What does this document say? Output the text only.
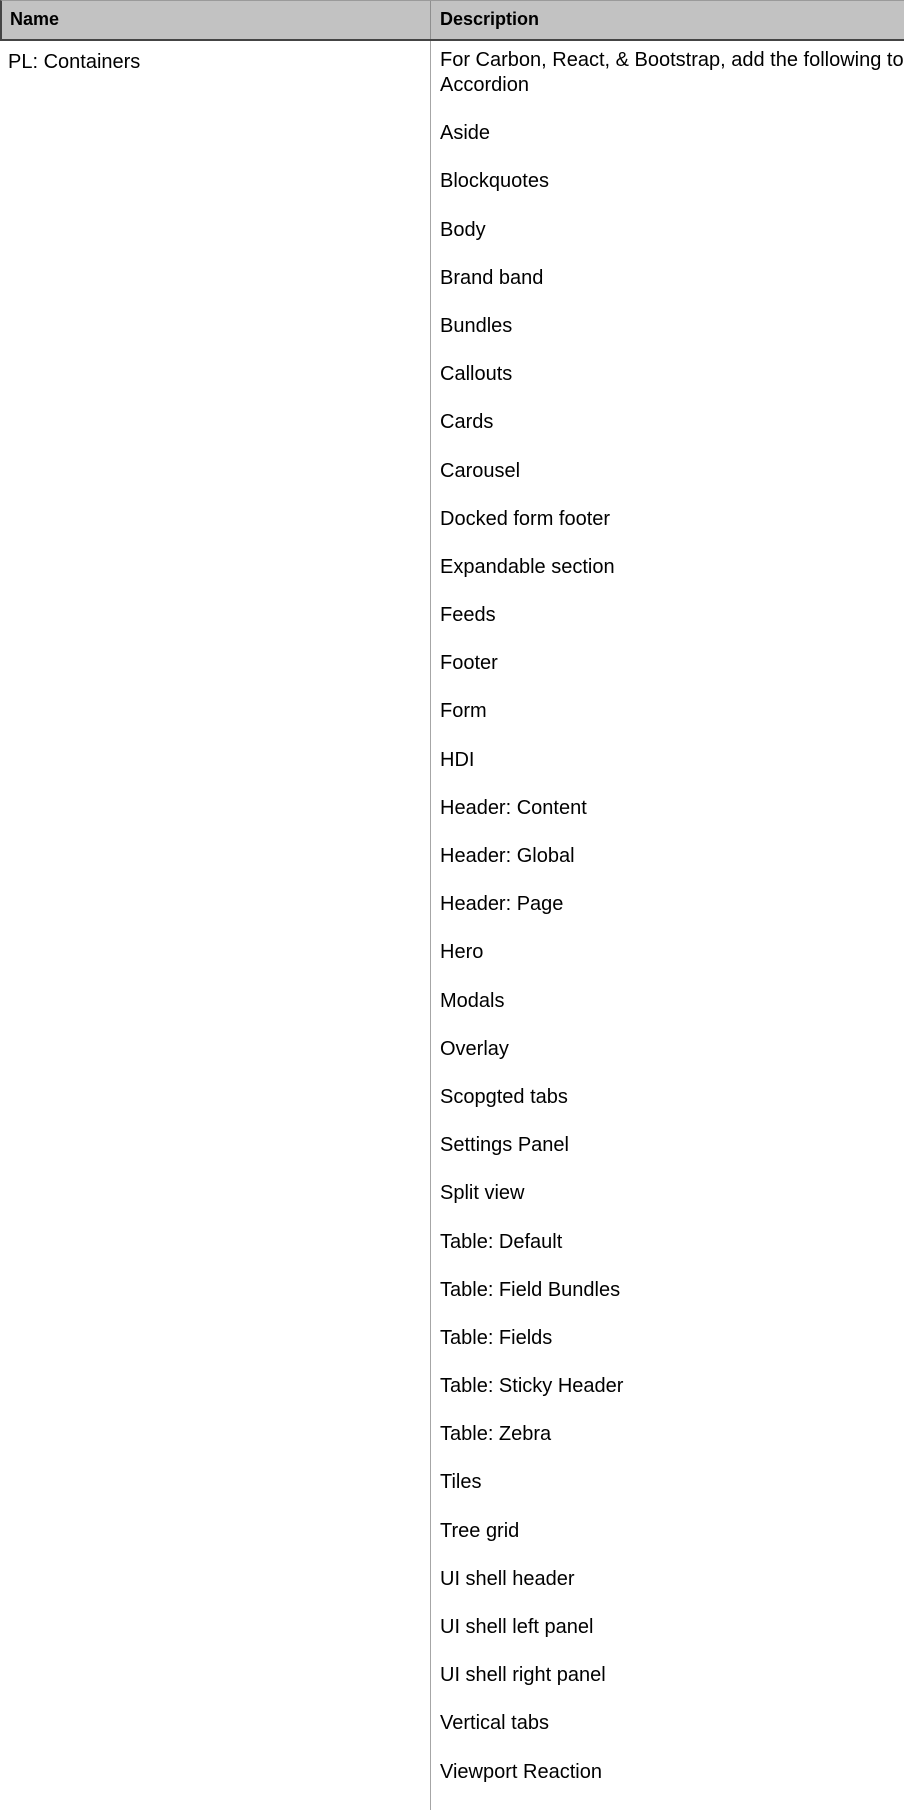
Name	Description
PL: Containers	For Carbon, React, & Bootstrap, add the following to
Accordion
Aside
Blockquotes
Body
Brand band
Bundles
Callouts
Cards
Carousel
Docked form footer
Expandable section
Feeds
Footer
Form
HDI
Header: Content
Header: Global
Header: Page
Hero
Modals
Overlay
Scopgted tabs
Settings Panel
Split view
Table: Default
Table: Field Bundles
Table: Fields
Table: Sticky Header
Table: Zebra
Tiles
Tree grid
UI shell header
UI shell left panel
UI shell right panel
Vertical tabs
Viewport Reaction
